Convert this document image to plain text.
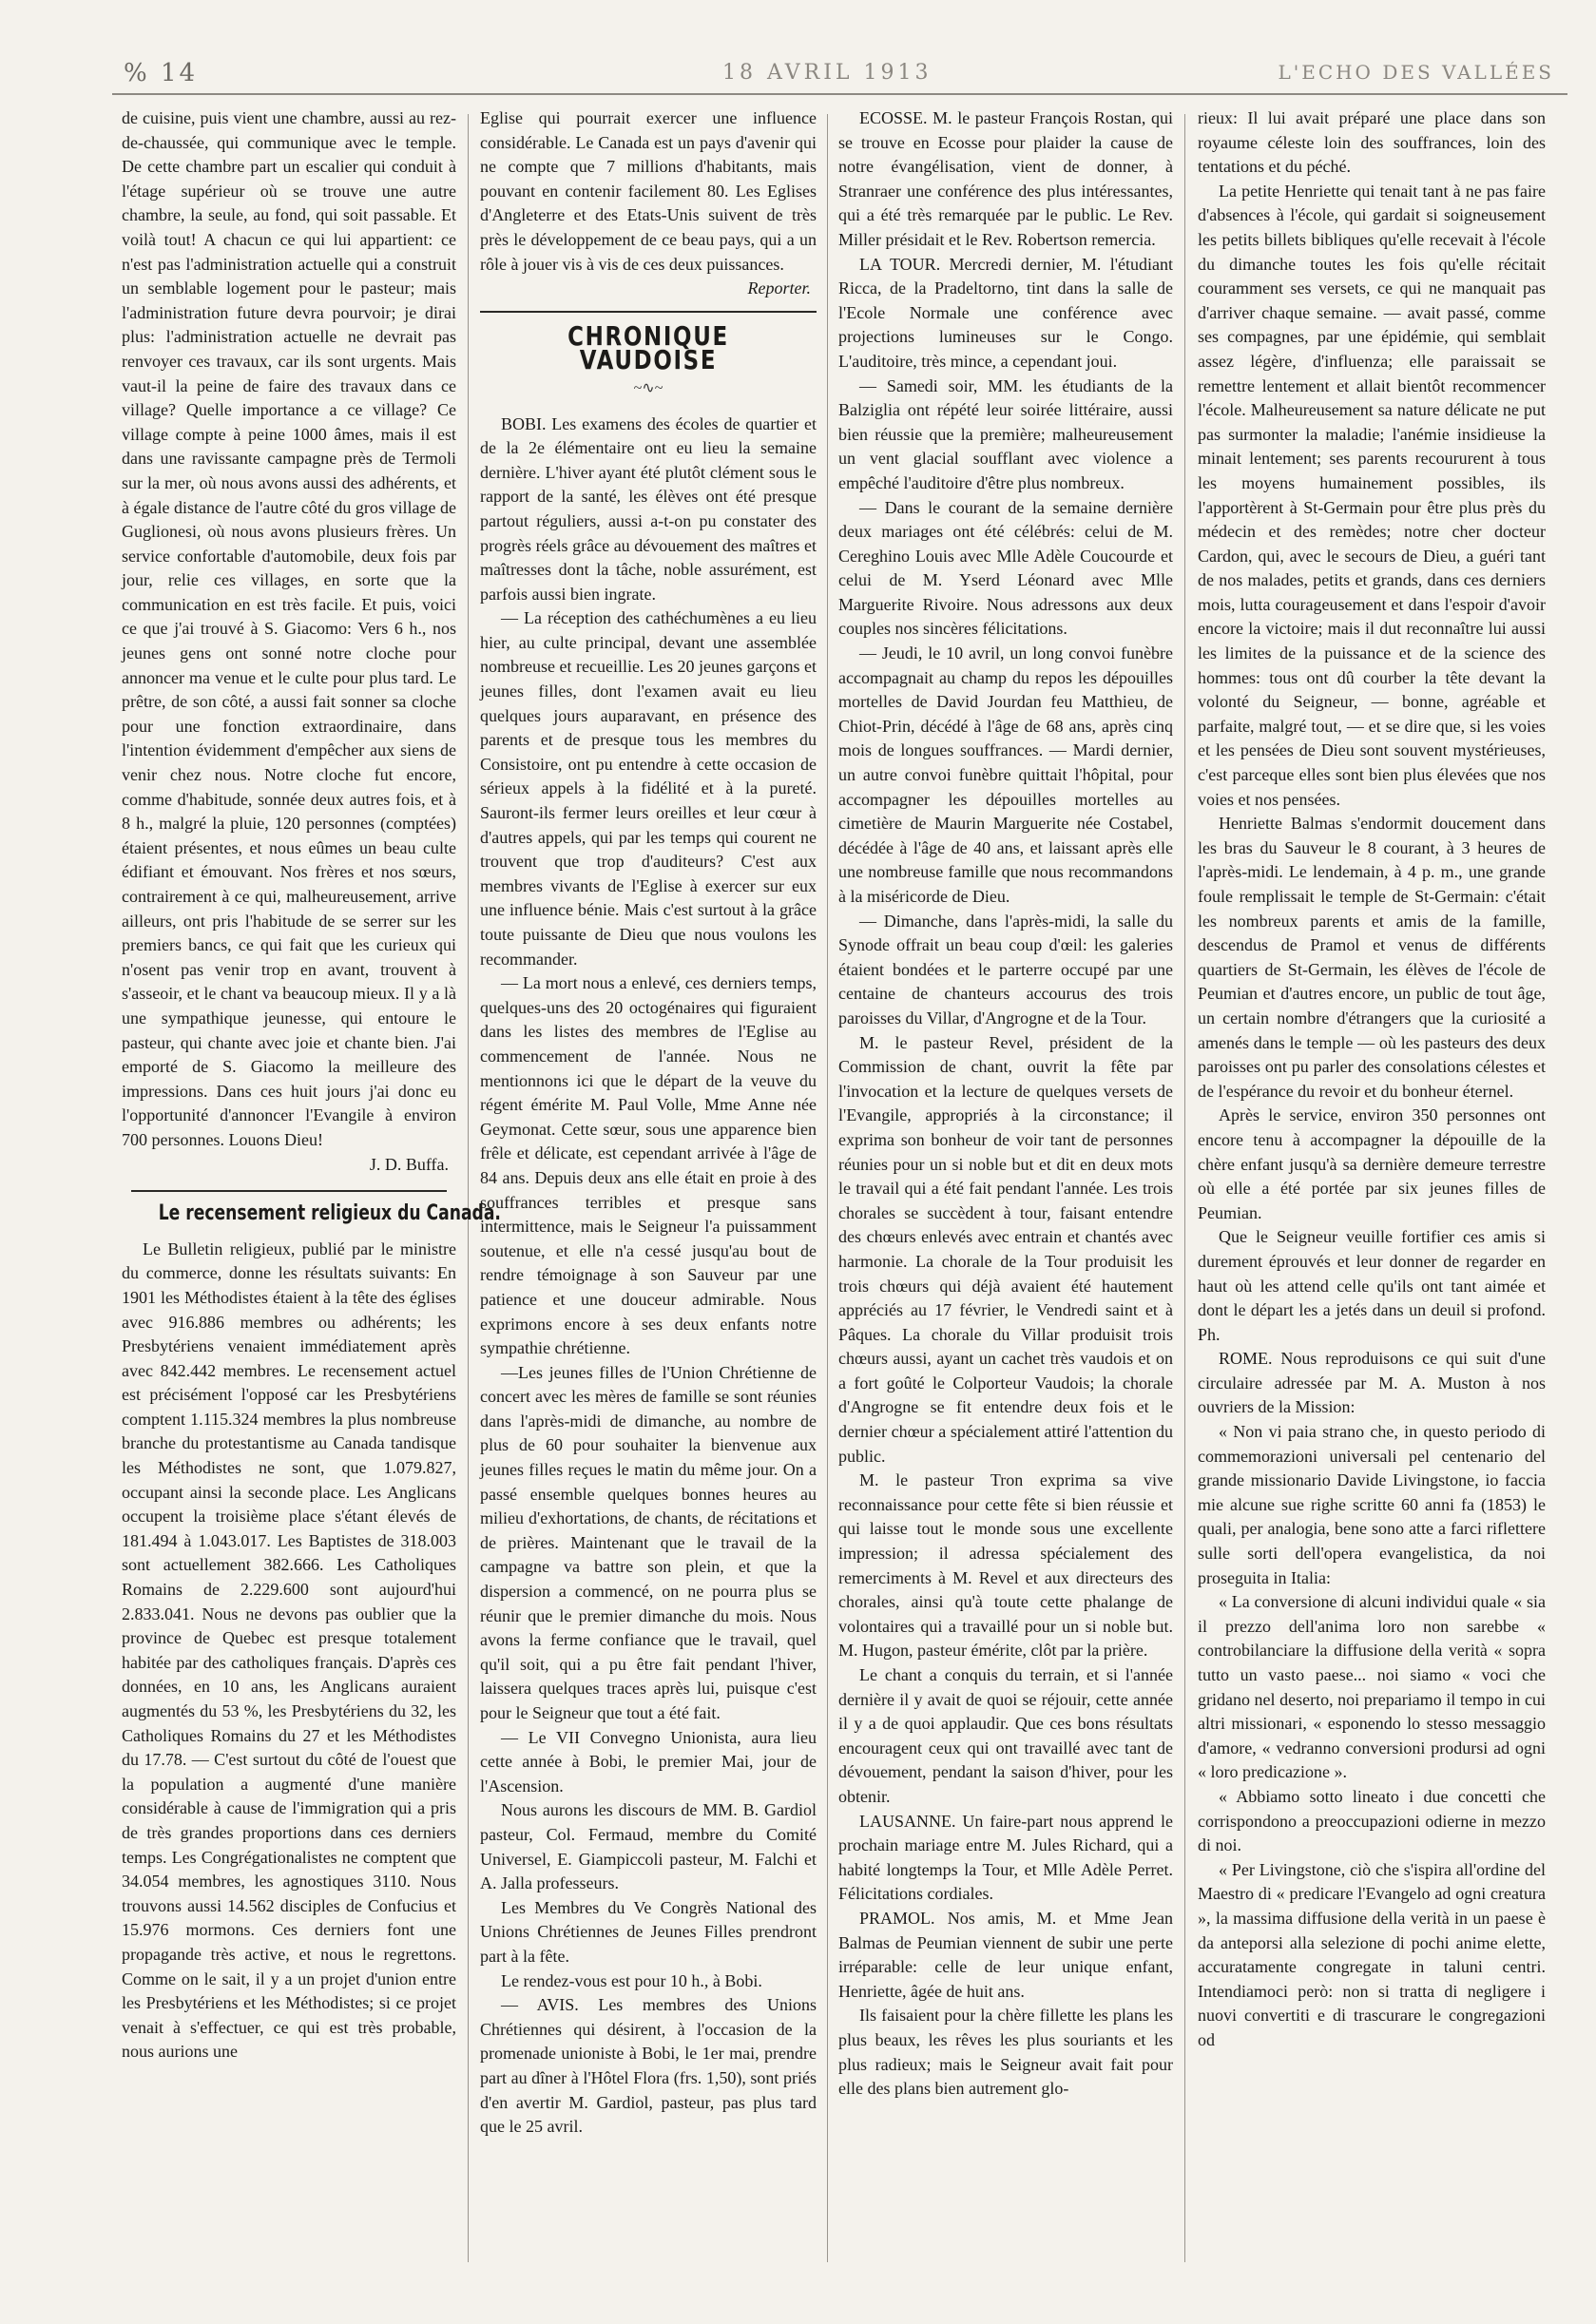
% 14	18 AVRIL 1913	L'ECHO DES VALLÉES

de cuisine, puis vient une chambre, aussi au rez-de-chaussée, qui communique avec le temple. De cette chambre part un escalier qui conduit à l'étage supérieur où se trouve une autre chambre, la seule, au fond, qui soit passable. Et voilà tout! A chacun ce qui lui appartient: ce n'est pas l'administration actuelle qui a construit un semblable logement pour le pasteur; mais l'administration future devra pourvoir; je dirai plus: l'administration actuelle ne devrait pas renvoyer ces travaux, car ils sont urgents. Mais vaut-il la peine de faire des travaux dans ce village? Quelle importance a ce village? Ce village compte à peine 1000 âmes, mais il est dans une ravissante campagne près de Termoli sur la mer, où nous avons aussi des adhérents, et à égale distance de l'autre côté du gros village de Guglionesi, où nous avons plusieurs frères. Un service confortable d'automobile, deux fois par jour, relie ces villages, en sorte que la communication en est très facile. Et puis, voici ce que j'ai trouvé à S. Giacomo: Vers 6 h., nos jeunes gens ont sonné notre cloche pour annoncer ma venue et le culte pour plus tard. Le prêtre, de son côté, a aussi fait sonner sa cloche pour une fonction extraordinaire, dans l'intention évidemment d'empêcher aux siens de venir chez nous. Notre cloche fut encore, comme d'habitude, sonnée deux autres fois, et à 8 h., malgré la pluie, 120 personnes (comptées) étaient présentes, et nous eûmes un beau culte édifiant et émouvant. Nos frères et nos sœurs, contrairement à ce qui, malheureusement, arrive ailleurs, ont pris l'habitude de se serrer sur les premiers bancs, ce qui fait que les curieux qui n'osent pas venir trop en avant, trouvent à s'asseoir, et le chant va beaucoup mieux. Il y a là une sympathique jeunesse, qui entoure le pasteur, qui chante avec joie et chante bien. J'ai emporté de S. Giacomo la meilleure des impressions. Dans ces huit jours j'ai donc eu l'opportunité d'annoncer l'Evangile à environ 700 personnes. Louons Dieu!

J. D. Buffa.

Le recensement religieux du Canada.

Le Bulletin religieux, publié par le ministre du commerce, donne les résultats suivants: En 1901 les Méthodistes étaient à la tête des églises avec 916.886 membres ou adhérents; les Presbytériens venaient immédiatement après avec 842.442 membres. Le recensement actuel est précisément l'opposé car les Presbytériens comptent 1.115.324 membres la plus nombreuse branche du protestantisme au Canada tandisque les Méthodistes ne sont, que 1.079.827, occupant ainsi la seconde place. Les Anglicans occupent la troisième place s'étant élevés de 181.494 à 1.043.017. Les Baptistes de 318.003 sont actuellement 382.666. Les Catholiques Romains de 2.229.600 sont aujourd'hui 2.833.041. Nous ne devons pas oublier que la province de Quebec est presque totalement habitée par des catholiques français. D'après ces données, en 10 ans, les Anglicans auraient augmentés du 53 %, les Presbytériens du 32, les Catholiques Romains du 27 et les Méthodistes du 17.78. — C'est surtout du côté de l'ouest que la population a augmenté d'une manière considérable à cause de l'immigration qui a pris de très grandes proportions dans ces derniers temps. Les Congrégationalistes ne comptent que 34.054 membres, les agnostiques 3110. Nous trouvons aussi 14.562 disciples de Confucius et 15.976 mormons. Ces derniers font une propagande très active, et nous le regrettons. Comme on le sait, il y a un projet d'union entre les Presbytériens et les Méthodistes; si ce projet venait à s'effectuer, ce qui est très probable, nous aurions une

Eglise qui pourrait exercer une influence considérable. Le Canada est un pays d'avenir qui ne compte que 7 millions d'habitants, mais pouvant en contenir facilement 80. Les Eglises d'Angleterre et des Etats-Unis suivent de très près le développement de ce beau pays, qui a un rôle à jouer vis à vis de ces deux puissances.

Reporter.

CHRONIQUE VAUDOISE
~∿~

BOBI. Les examens des écoles de quartier et de la 2e élémentaire ont eu lieu la semaine dernière. L'hiver ayant été plutôt clément sous le rapport de la santé, les élèves ont été presque partout réguliers, aussi a-t-on pu constater des progrès réels grâce au dévouement des maîtres et maîtresses dont la tâche, noble assurément, est parfois aussi bien ingrate.

— La réception des cathéchumènes a eu lieu hier, au culte principal, devant une assemblée nombreuse et recueillie. Les 20 jeunes garçons et jeunes filles, dont l'examen avait eu lieu quelques jours auparavant, en présence des parents et de presque tous les membres du Consistoire, ont pu entendre à cette occasion de sérieux appels à la fidélité et à la pureté. Sauront-ils fermer leurs oreilles et leur cœur à d'autres appels, qui par les temps qui courent ne trouvent que trop d'auditeurs? C'est aux membres vivants de l'Eglise à exercer sur eux une influence bénie. Mais c'est surtout à la grâce toute puissante de Dieu que nous voulons les recommander.

— La mort nous a enlevé, ces derniers temps, quelques-uns des 20 octogénaires qui figuraient dans les listes des membres de l'Eglise au commencement de l'année. Nous ne mentionnons ici que le départ de la veuve du régent émérite M. Paul Volle, Mme Anne née Geymonat. Cette sœur, sous une apparence bien frêle et délicate, est cependant arrivée à l'âge de 84 ans. Depuis deux ans elle était en proie à des souffrances terribles et presque sans intermittence, mais le Seigneur l'a puissamment soutenue, et elle n'a cessé jusqu'au bout de rendre témoignage à son Sauveur par une patience et une douceur admirable. Nous exprimons encore à ses deux enfants notre sympathie chrétienne.

—Les jeunes filles de l'Union Chrétienne de concert avec les mères de famille se sont réunies dans l'après-midi de dimanche, au nombre de plus de 60 pour souhaiter la bienvenue aux jeunes filles reçues le matin du même jour. On a passé ensemble quelques bonnes heures au milieu d'exhortations, de chants, de récitations et de prières. Maintenant que le travail de la campagne va battre son plein, et que la dispersion a commencé, on ne pourra plus se réunir que le premier dimanche du mois. Nous avons la ferme confiance que le travail, quel qu'il soit, qui a pu être fait pendant l'hiver, laissera quelques traces après lui, puisque c'est pour le Seigneur que tout a été fait.

— Le VII Convegno Unionista, aura lieu cette année à Bobi, le premier Mai, jour de l'Ascension.

Nous aurons les discours de MM. B. Gardiol pasteur, Col. Fermaud, membre du Comité Universel, E. Giampiccoli pasteur, M. Falchi et A. Jalla professeurs.

Les Membres du Ve Congrès National des Unions Chrétiennes de Jeunes Filles prendront part à la fête.

Le rendez-vous est pour 10 h., à Bobi.

— AVIS. Les membres des Unions Chrétiennes qui désirent, à l'occasion de la promenade unioniste à Bobi, le 1er mai, prendre part au dîner à l'Hôtel Flora (frs. 1,50), sont priés d'en avertir M. Gardiol, pasteur, pas plus tard que le 25 avril.

ECOSSE. M. le pasteur François Rostan, qui se trouve en Ecosse pour plaider la cause de notre évangélisation, vient de donner, à Stranraer une conférence des plus intéressantes, qui a été très remarquée par le public. Le Rev. Miller présidait et le Rev. Robertson remercia.

LA TOUR. Mercredi dernier, M. l'étudiant Ricca, de la Pradeltorno, tint dans la salle de l'Ecole Normale une conférence avec projections lumineuses sur le Congo. L'auditoire, très mince, a cependant joui.

— Samedi soir, MM. les étudiants de la Balziglia ont répété leur soirée littéraire, aussi bien réussie que la première; malheureusement un vent glacial soufflant avec violence a empêché l'auditoire d'être plus nombreux.

— Dans le courant de la semaine dernière deux mariages ont été célébrés: celui de M. Cereghino Louis avec Mlle Adèle Coucourde et celui de M. Yserd Léonard avec Mlle Marguerite Rivoire. Nous adressons aux deux couples nos sincères félicitations.

— Jeudi, le 10 avril, un long convoi funèbre accompagnait au champ du repos les dépouilles mortelles de David Jourdan feu Matthieu, de Chiot-Prin, décédé à l'âge de 68 ans, après cinq mois de longues souffrances. — Mardi dernier, un autre convoi funèbre quittait l'hôpital, pour accompagner les dépouilles mortelles au cimetière de Maurin Marguerite née Costabel, décédée à l'âge de 40 ans, et laissant après elle une nombreuse famille que nous recommandons à la miséricorde de Dieu.

— Dimanche, dans l'après-midi, la salle du Synode offrait un beau coup d'œil: les galeries étaient bondées et le parterre occupé par une centaine de chanteurs accourus des trois paroisses du Villar, d'Angrogne et de la Tour.

M. le pasteur Revel, président de la Commission de chant, ouvrit la fête par l'invocation et la lecture de quelques versets de l'Evangile, appropriés à la circonstance; il exprima son bonheur de voir tant de personnes réunies pour un si noble but et dit en deux mots le travail qui a été fait pendant l'année. Les trois chorales se succèdent à tour, faisant entendre des chœurs enlevés avec entrain et chantés avec harmonie. La chorale de la Tour produisit les trois chœurs qui déjà avaient été hautement appréciés au 17 février, le Vendredi saint et à Pâques. La chorale du Villar produisit trois chœurs aussi, ayant un cachet très vaudois et on a fort goûté le Colporteur Vaudois; la chorale d'Angrogne se fit entendre deux fois et le dernier chœur a spécialement attiré l'attention du public.

M. le pasteur Tron exprima sa vive reconnaissance pour cette fête si bien réussie et qui laisse tout le monde sous une excellente impression; il adressa spécialement des remerciments à M. Revel et aux directeurs des chorales, ainsi qu'à toute cette phalange de volontaires qui a travaillé pour un si noble but. M. Hugon, pasteur émérite, clôt par la prière.

Le chant a conquis du terrain, et si l'année dernière il y avait de quoi se réjouir, cette année il y a de quoi applaudir. Que ces bons résultats encouragent ceux qui ont travaillé avec tant de dévouement, pendant la saison d'hiver, pour les obtenir.

LAUSANNE. Un faire-part nous apprend le prochain mariage entre M. Jules Richard, qui a habité longtemps la Tour, et Mlle Adèle Perret. Félicitations cordiales.

PRAMOL. Nos amis, M. et Mme Jean Balmas de Peumian viennent de subir une perte irréparable: celle de leur unique enfant, Henriette, âgée de huit ans.

Ils faisaient pour la chère fillette les plans les plus beaux, les rêves les plus souriants et les plus radieux; mais le Seigneur avait fait pour elle des plans bien autrement glo-

rieux: Il lui avait préparé une place dans son royaume céleste loin des souffrances, loin des tentations et du péché.

La petite Henriette qui tenait tant à ne pas faire d'absences à l'école, qui gardait si soigneusement les petits billets bibliques qu'elle recevait à l'école du dimanche toutes les fois qu'elle récitait couramment ses versets, ce qui ne manquait pas d'arriver chaque semaine. — avait passé, comme ses compagnes, par une épidémie, qui semblait assez légère, d'influenza; elle paraissait se remettre lentement et allait bientôt recommencer l'école. Malheureusement sa nature délicate ne put pas surmonter la maladie; l'anémie insidieuse la minait lentement; ses parents recoururent à tous les moyens humainement possibles, ils l'apportèrent à St-Germain pour être plus près du médecin et des remèdes; notre cher docteur Cardon, qui, avec le secours de Dieu, a guéri tant de nos malades, petits et grands, dans ces derniers mois, lutta courageusement et dans l'espoir d'avoir encore la victoire; mais il dut reconnaître lui aussi les limites de la puissance et de la science des hommes: tous ont dû courber la tête devant la volonté du Seigneur, — bonne, agréable et parfaite, malgré tout, — et se dire que, si les voies et les pensées de Dieu sont souvent mystérieuses, c'est parceque elles sont bien plus élevées que nos voies et nos pensées.

Henriette Balmas s'endormit doucement dans les bras du Sauveur le 8 courant, à 3 heures de l'après-midi. Le lendemain, à 4 p. m., une grande foule remplissait le temple de St-Germain: c'était les nombreux parents et amis de la famille, descendus de Pramol et venus de différents quartiers de St-Germain, les élèves de l'école de Peumian et d'autres encore, un public de tout âge, un certain nombre d'étrangers que la curiosité a amenés dans le temple — où les pasteurs des deux paroisses ont pu parler des consolations célestes et de l'espérance du revoir et du bonheur éternel.

Après le service, environ 350 personnes ont encore tenu à accompagner la dépouille de la chère enfant jusqu'à sa dernière demeure terrestre où elle a été portée par six jeunes filles de Peumian.

Que le Seigneur veuille fortifier ces amis si durement éprouvés et leur donner de regarder en haut où les attend celle qu'ils ont tant aimée et dont le départ les a jetés dans un deuil si profond. Ph.

ROME. Nous reproduisons ce qui suit d'une circulaire adressée par M. A. Muston à nos ouvriers de la Mission:

« Non vi paia strano che, in questo periodo di commemorazioni universali pel centenario del grande missionario Davide Livingstone, io faccia mie alcune sue righe scritte 60 anni fa (1853) le quali, per analogia, bene sono atte a farci riflettere sulle sorti dell'opera evangelistica, da noi proseguita in Italia:

« La conversione di alcuni individui quale « sia il prezzo dell'anima loro non sarebbe « controbilanciare la diffusione della verità « sopra tutto un vasto paese... noi siamo « voci che gridano nel deserto, noi prepariamo il tempo in cui altri missionari, « esponendo lo stesso messaggio d'amore, « vedranno conversioni prodursi ad ogni « loro predicazione ».

« Abbiamo sotto lineato i due concetti che corrispondono a preoccupazioni odierne in mezzo di noi.

« Per Livingstone, ciò che s'ispira all'ordine del Maestro di « predicare l'Evangelo ad ogni creatura », la massima diffusione della verità in un paese è da anteporsi alla selezione di pochi anime elette, accuratamente congregate in taluni centri. Intendiamoci però: non si tratta di negligere i nuovi convertiti e di trascurare le congregazioni od
